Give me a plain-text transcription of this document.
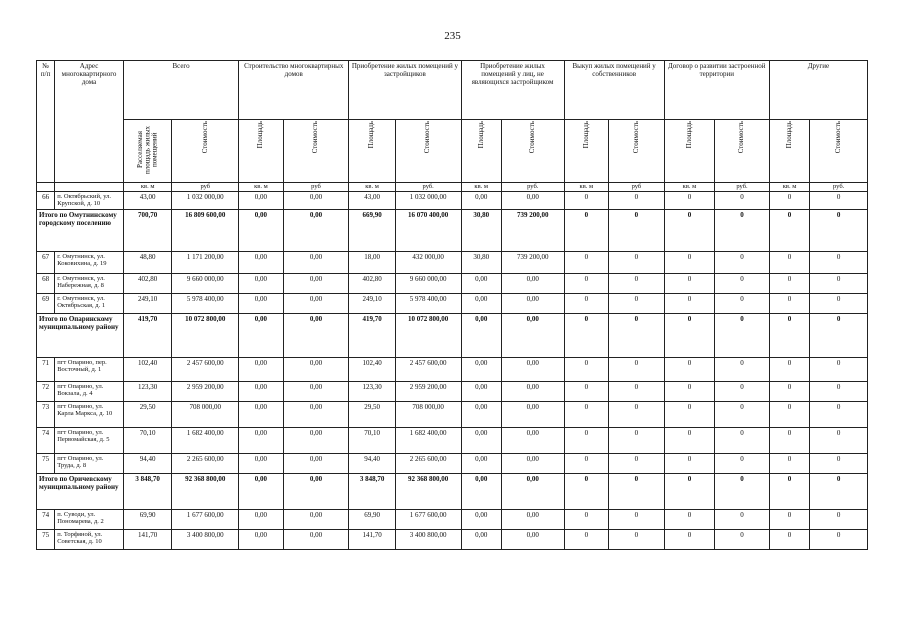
235
№ п/п	Адрес многоквартирного дома	Всего		Строительство многоквартирных домов		Приобретение жилых помещений у застройщиков		Приобретение жилых помещений у лиц, не являющихся застройщиком		Выкуп жилых помещений у собственников		Договор о развитии застроенной территории		Другие	

		Расселяемая площадь жилых помещений	Стоимость	Площадь	Стоимость	Площадь	Стоимость	Площадь	Стоимость	Площадь	Стоимость	Площадь	Стоимость	Площадь	Стоимость

		кв. м	руб	кв. м	руб	кв. м	руб.	кв. м	руб.	кв. м	руб	кв. м	руб.	кв. м	руб.
66	п. Октябрьский, ул. Крупской, д. 10	43,00	1 032 000,00	0,00	0,00	43,00	1 032 000,00	0,00	0,00	0	0	0	0	0	0
Итого по Омутнинскому городскому поселению		700,70	16 809 600,00	0,00	0,00	669,90	16 070 400,00	30,80	739 200,00	0	0	0	0	0	0
67	г. Омутнинск, ул. Коковихина, д. 19	48,80	1 171 200,00	0,00	0,00	18,00	432 000,00	30,80	739 200,00	0	0	0	0	0	0
68	г. Омутнинск, ул. Набережная, д. 8	402,80	9 660 000,00	0,00	0,00	402,80	9 660 000,00	0,00	0,00	0	0	0	0	0	0
69	г. Омутнинск, ул. Октябрьская, д. 1	249,10	5 978 400,00	0,00	0,00	249,10	5 978 400,00	0,00	0,00	0	0	0	0	0	0
Итого по Опаринскому муниципальному району		419,70	10 072 800,00	0,00	0,00	419,70	10 072 800,00	0,00	0,00	0	0	0	0	0	0
71	пгт Опарино, пер. Восточный, д. 1	102,40	2 457 600,00	0,00	0,00	102,40	2 457 600,00	0,00	0,00	0	0	0	0	0	0
72	пгт Опарино, ул. Вокзала, д. 4	123,30	2 959 200,00	0,00	0,00	123,30	2 959 200,00	0,00	0,00	0	0	0	0	0	0
73	пгт Опарино, ул. Карла Маркса, д. 10	29,50	708 000,00	0,00	0,00	29,50	708 000,00	0,00	0,00	0	0	0	0	0	0
74	пгт Опарино, ул. Первомайская, д. 5	70,10	1 682 400,00	0,00	0,00	70,10	1 682 400,00	0,00	0,00	0	0	0	0	0	0
75	пгт Опарино, ул. Труда, д. 8	94,40	2 265 600,00	0,00	0,00	94,40	2 265 600,00	0,00	0,00	0	0	0	0	0	0
Итого по Оричевскому муниципальному району		3 848,70	92 368 800,00	0,00	0,00	3 848,70	92 368 800,00	0,00	0,00	0	0	0	0	0	0
74	п. Суводи, ул. Пономарева, д. 2	69,90	1 677 600,00	0,00	0,00	69,90	1 677 600,00	0,00	0,00	0	0	0	0	0	0
75	п. Торфяной, ул. Советская, д. 10	141,70	3 400 800,00	0,00	0,00	141,70	3 400 800,00	0,00	0,00	0	0	0	0	0	0
